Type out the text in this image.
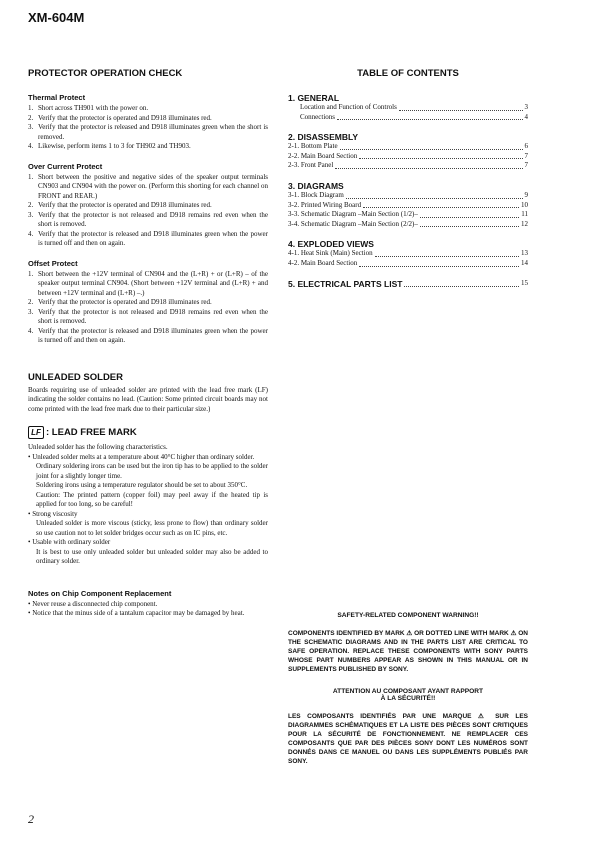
XM-604M
PROTECTOR OPERATION CHECK
Thermal Protect
1. Short across TH901 with the power on.
2. Verify that the protector is operated and D918 illuminates red.
3. Verify that the protector is released and D918 illuminates green when the short is removed.
4. Likewise, perform items 1 to 3 for TH902 and TH903.
Over Current Protect
1. Short between the positive and negative sides of the speaker output terminals CN903 and CN904 with the power on. (Perform this shorting for each channel on FRONT and REAR.)
2. Verify that the protector is operated and D918 illuminates red.
3. Verify that the protector is not released and D918 remains red even when the short is removed.
4. Verify that the protector is released and D918 illuminates green when the power is turned off and then on again.
Offset Protect
1. Short between the +12V terminal of CN904 and the (L+R) + or (L+R) – of the speaker output terminal CN904. (Short between +12V terminal and (L+R) + and between +12V terminal and (L+R) –.)
2. Verify that the protector is operated and D918 illuminates red.
3. Verify that the protector is not released and D918 remains red even when the short is removed.
4. Verify that the protector is released and D918 illuminates green when the power is turned off and then on again.
UNLEADED SOLDER

Boards requiring use of unleaded solder are printed with the lead free mark (LF) indicating the solder contains no lead. (Caution: Some printed circuit boards may not come printed with the lead free mark due to their particular size.)

LF : LEAD FREE MARK

Unleaded solder has the following characteristics.

• Unleaded solder melts at a temperature about 40°C higher than ordinary solder.

Ordinary soldering irons can be used but the iron tip has to be applied to the solder joint for a slightly longer time.

Soldering irons using a temperature regulator should be set to about 350°C.

Caution: The printed pattern (copper foil) may peel away if the heated tip is applied for too long, so be careful!

• Strong viscosity

Unleaded solder is more viscous (sticky, less prone to flow) than ordinary solder so use caution not to let solder bridges occur such as on IC pins, etc.

• Usable with ordinary solder

It is best to use only unleaded solder but unleaded solder may also be added to ordinary solder.

Notes on Chip Component Replacement

• Never reuse a disconnected chip component.

• Notice that the minus side of a tantalum capacitor may be damaged by heat.

TABLE OF CONTENTS
1. GENERAL
Location and Function of Controls	3
Connections	4
2. DISASSEMBLY
2-1. Bottom Plate	6
2-2. Main Board Section	7
2-3. Front Panel	7
3. DIAGRAMS
3-1. Block Diagram	9
3-2. Printed Wiring Board	10
3-3. Schematic Diagram –Main Section (1/2)–	11
3-4. Schematic Diagram –Main Section (2/2)–	12
4. EXPLODED VIEWS
4-1. Heat Sink (Main) Section	13
4-2. Main Board Section	14
5. ELECTRICAL PARTS LIST	15
SAFETY-RELATED COMPONENT WARNING!!
COMPONENTS IDENTIFIED BY MARK ⚠ OR DOTTED LINE WITH MARK ⚠ ON THE SCHEMATIC DIAGRAMS AND IN THE PARTS LIST ARE CRITICAL TO SAFE OPERATION. REPLACE THESE COMPONENTS WITH SONY PARTS WHOSE PART NUMBERS APPEAR AS SHOWN IN THIS MANUAL OR IN SUPPLEMENTS PUBLISHED BY SONY.
ATTENTION AU COMPOSANT AYANT RAPPORT
À LA SÉCURITÉ!!
LES COMPOSANTS IDENTIFIÉS PAR UNE MARQUE ⚠ SUR LES DIAGRAMMES SCHÉMATIQUES ET LA LISTE DES PIÈCES SONT CRITIQUES POUR LA SÉCURITÉ DE FONCTIONNEMENT. NE REMPLACER CES COMPOSANTS QUE PAR DES PIÈCES SONY DONT LES NUMÉROS SONT DONNÉS DANS CE MANUEL OU DANS LES SUPPLÉMENTS PUBLIÉS PAR SONY.
2
